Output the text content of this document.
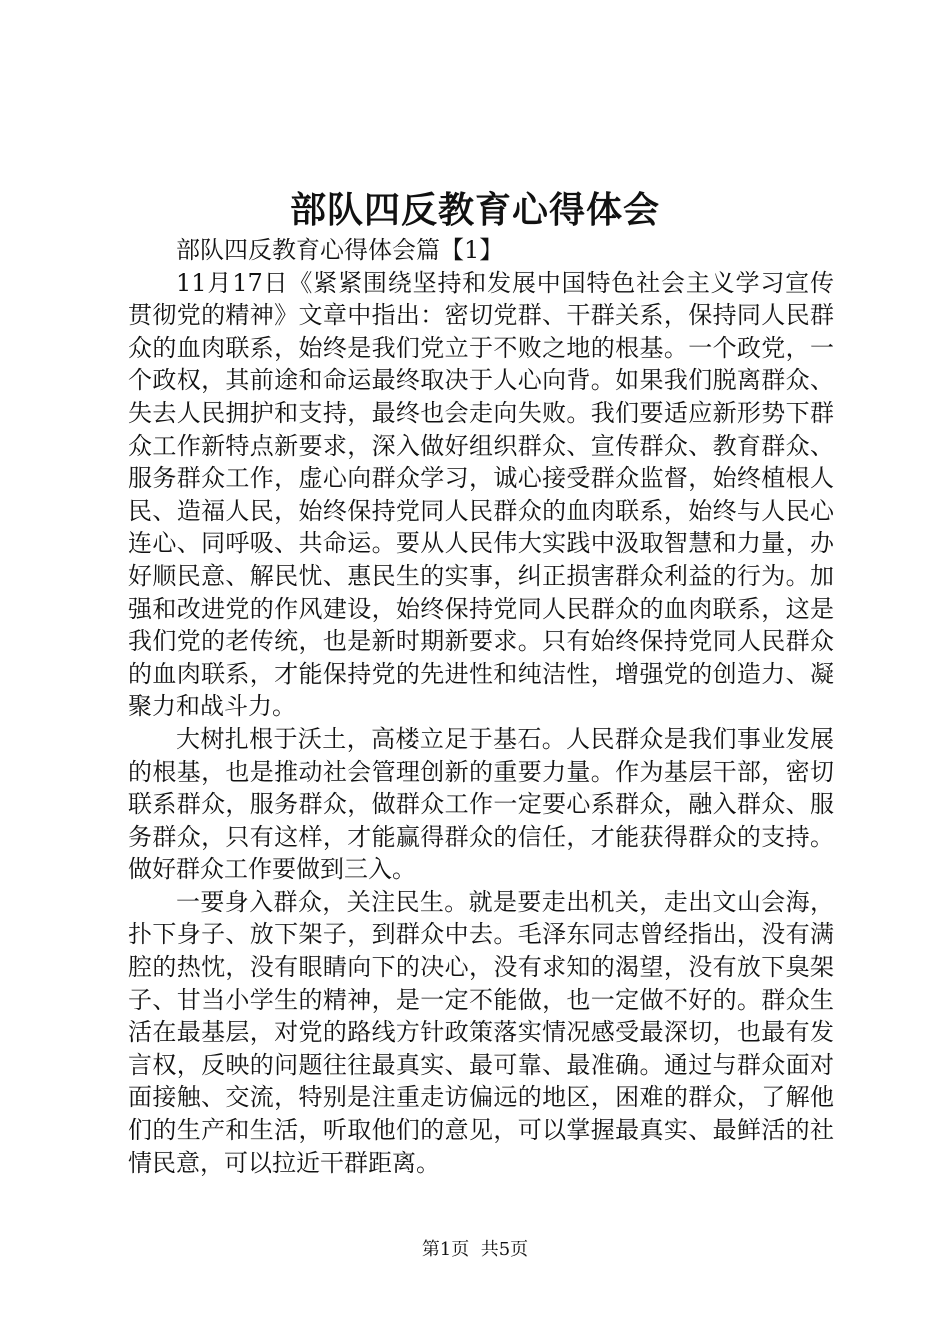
部队四反教育心得体会

部队四反教育心得体会篇【1】

11月17日《紧紧围绕坚持和发展中国特色社会主义学习宣传贯彻党的精神》文章中指出：密切党群、干群关系，保持同人民群众的血肉联系，始终是我们党立于不败之地的根基。一个政党，一个政权，其前途和命运最终取决于人心向背。如果我们脱离群众、失去人民拥护和支持，最终也会走向失败。我们要适应新形势下群众工作新特点新要求，深入做好组织群众、宣传群众、教育群众、服务群众工作，虚心向群众学习，诚心接受群众监督，始终植根人民、造福人民，始终保持党同人民群众的血肉联系，始终与人民心连心、同呼吸、共命运。要从人民伟大实践中汲取智慧和力量，办好顺民意、解民忧、惠民生的实事，纠正损害群众利益的行为。加强和改进党的作风建设，始终保持党同人民群众的血肉联系，这是我们党的老传统，也是新时期新要求。只有始终保持党同人民群众的血肉联系，才能保持党的先进性和纯洁性，增强党的创造力、凝聚力和战斗力。

大树扎根于沃土，高楼立足于基石。人民群众是我们事业发展的根基，也是推动社会管理创新的重要力量。作为基层干部，密切联系群众，服务群众，做群众工作一定要心系群众，融入群众、服务群众，只有这样，才能赢得群众的信任，才能获得群众的支持。做好群众工作要做到三入。

一要身入群众，关注民生。就是要走出机关，走出文山会海，扑下身子、放下架子，到群众中去。毛泽东同志曾经指出，没有满腔的热忱，没有眼睛向下的决心，没有求知的渴望，没有放下臭架子、甘当小学生的精神，是一定不能做，也一定做不好的。群众生活在最基层，对党的路线方针政策落实情况感受最深切，也最有发言权，反映的问题往往最真实、最可靠、最准确。通过与群众面对面接触、交流，特别是注重走访偏远的地区，困难的群众，了解他们的生产和生活，听取他们的意见，可以掌握最真实、最鲜活的社情民意，可以拉近干群距离。

第1页  共5页
